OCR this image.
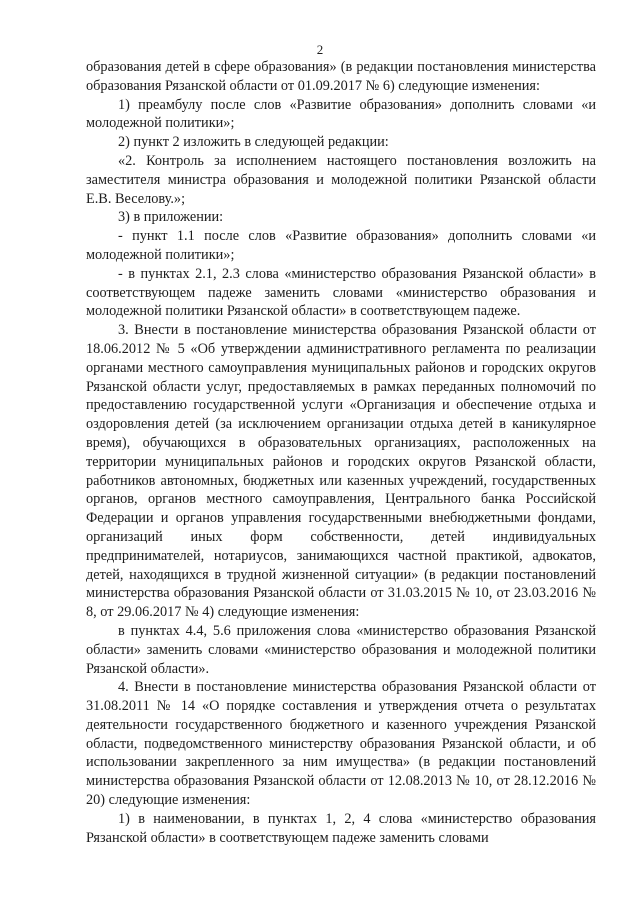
2

образования детей в сфере образования» (в редакции постановления министерства образования Рязанской области от 01.09.2017 № 6) следующие изменения:

1) преамбулу после слов «Развитие образования» дополнить словами «и молодежной политики»;

2) пункт 2 изложить в следующей редакции:

«2. Контроль за исполнением настоящего постановления возложить на заместителя министра образования и молодежной политики Рязанской области Е.В. Веселову.»;

3) в приложении:

- пункт 1.1 после слов «Развитие образования» дополнить словами «и молодежной политики»;

- в пунктах 2.1, 2.3 слова «министерство образования Рязанской области» в соответствующем падеже заменить словами «министерство образования и молодежной политики Рязанской области» в соответствующем падеже.

3. Внести в постановление министерства образования Рязанской области от 18.06.2012 № 5 «Об утверждении административного регламента по реализации органами местного самоуправления муниципальных районов и городских округов Рязанской области услуг, предоставляемых в рамках переданных полномочий по предоставлению государственной услуги «Организация и обеспечение отдыха и оздоровления детей (за исключением организации отдыха детей в каникулярное время), обучающихся в образовательных организациях, расположенных на территории муниципальных районов и городских округов Рязанской области, работников автономных, бюджетных или казенных учреждений, государственных органов, органов местного самоуправления, Центрального банка Российской Федерации и органов управления государственными внебюджетными фондами, организаций иных форм собственности, детей индивидуальных предпринимателей, нотариусов, занимающихся частной практикой, адвокатов, детей, находящихся в трудной жизненной ситуации» (в редакции постановлений министерства образования Рязанской области от 31.03.2015 № 10, от 23.03.2016 № 8, от 29.06.2017 № 4) следующие изменения:

в пунктах 4.4, 5.6 приложения слова «министерство образования Рязанской области» заменить словами «министерство образования и молодежной политики Рязанской области».

4. Внести в постановление министерства образования Рязанской области от 31.08.2011 № 14 «О порядке составления и утверждения отчета о результатах деятельности государственного бюджетного и казенного учреждения Рязанской области, подведомственного министерству образования Рязанской области, и об использовании закрепленного за ним имущества» (в редакции постановлений министерства образования Рязанской области от 12.08.2013 № 10, от 28.12.2016 № 20) следующие изменения:

1) в наименовании, в пунктах 1, 2, 4 слова «министерство образования Рязанской области» в соответствующем падеже заменить словами
